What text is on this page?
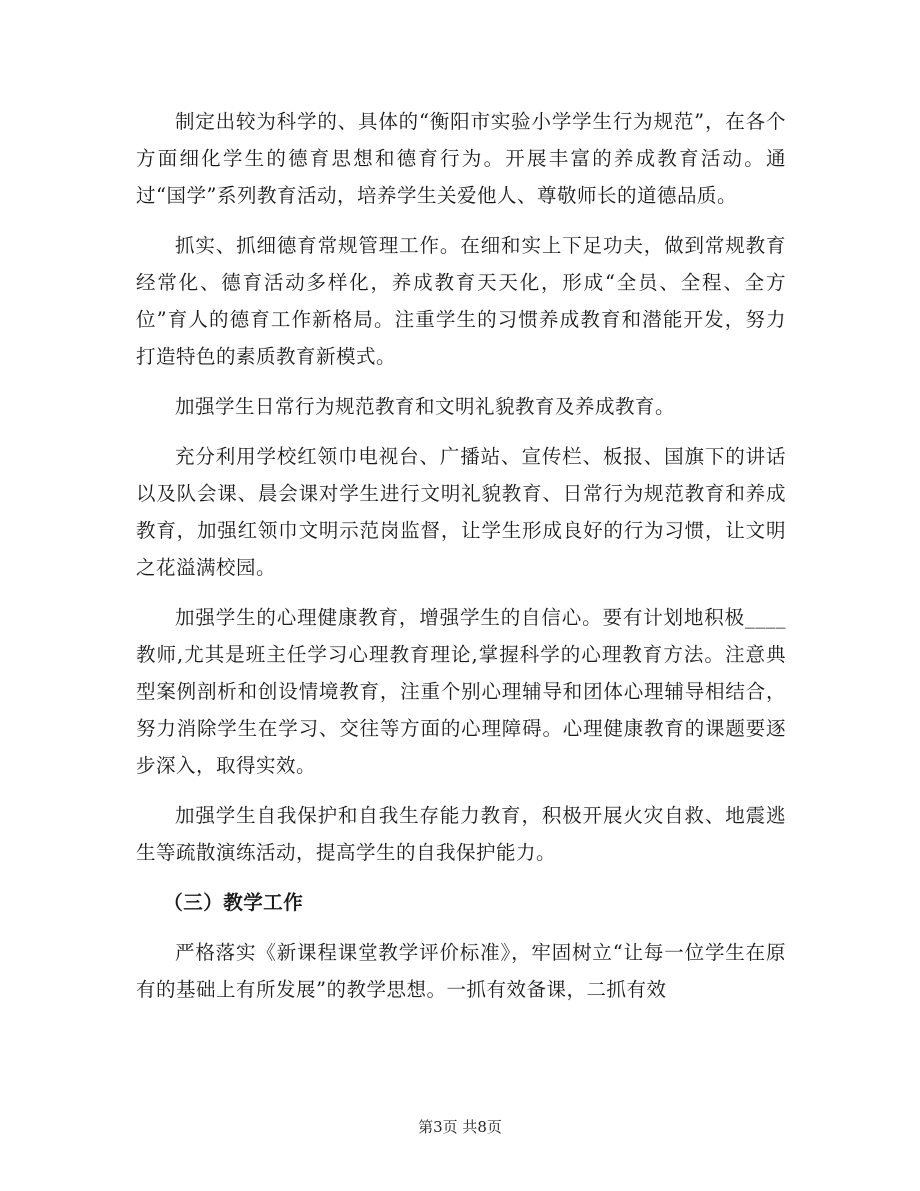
制定出较为科学的、具体的“衡阳市实验小学学生行为规范”，在各个方面细化学生的德育思想和德育行为。开展丰富的养成教育活动。通过“国学”系列教育活动，培养学生关爱他人、尊敬师长的道德品质。

抓实、抓细德育常规管理工作。在细和实上下足功夫，做到常规教育经常化、德育活动多样化，养成教育天天化，形成“全员、全程、全方位”育人的德育工作新格局。注重学生的习惯养成教育和潜能开发，努力打造特色的素质教育新模式。

加强学生日常行为规范教育和文明礼貌教育及养成教育。

充分利用学校红领巾电视台、广播站、宣传栏、板报、国旗下的讲话以及队会课、晨会课对学生进行文明礼貌教育、日常行为规范教育和养成教育，加强红领巾文明示范岗监督，让学生形成良好的行为习惯，让文明之花溢满校园。

加强学生的心理健康教育，增强学生的自信心。要有计划地积极____教师,尤其是班主任学习心理教育理论,掌握科学的心理教育方法。注意典型案例剖析和创设情境教育，注重个别心理辅导和团体心理辅导相结合，努力消除学生在学习、交往等方面的心理障碍。心理健康教育的课题要逐步深入，取得实效。

加强学生自我保护和自我生存能力教育，积极开展火灾自救、地震逃生等疏散演练活动，提高学生的自我保护能力。

（三）教学工作

严格落实《新课程课堂教学评价标准》，牢固树立“让每一位学生在原有的基础上有所发展”的教学思想。一抓有效备课，二抓有效

第3页 共8页
